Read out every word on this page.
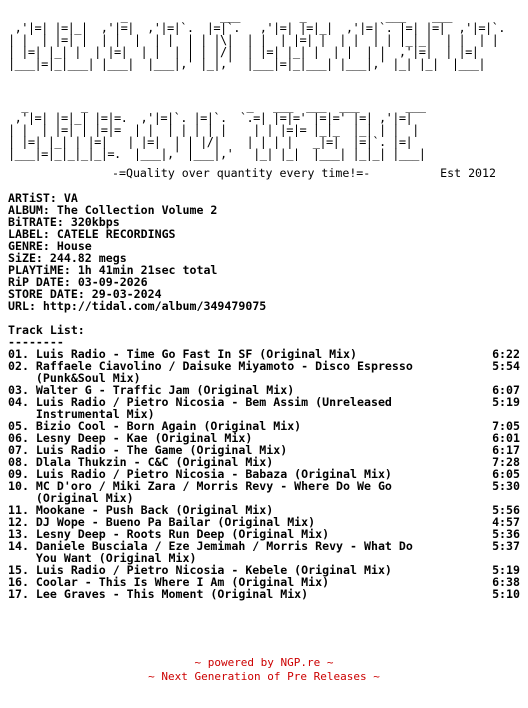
_              ___         _            ___    ___
,'|=| |=|_|  ,'|=|  ,'|=|`.  |=|`.   ,'|=| |=|_|  ,'|=|`. |=| |=|  ,'|=|`.
| |  | |=| |  | |  |  | |  | | |\|  | |  | |=| |  | |  | | |_|_|  | |  | |
| |=| |_| |  | |=|  | |  | | | |/|  | |=| |_| |  | |  | |  ,'|=|  | |=|
|___|=|_|___| |___|  |___|,' |_|,'  |___|=|_|___| |___|,' |_| |_|  |___|
_        _                        _   ___  ___  ___       ___
,'|=| |=|_| |=|=.  ,'|=|`. |=|`.  `.=| |=|=' |=|=' |=| ,'|=|
| |  | |=| | |=|=  | |  | | | | |    | | |=|= |_|_  |_| | |  |
| |=| |_| | |=|   | |=|  | | |/|    | | | |   _|=|  |=|`. |=|
|___|=|_|_|_|_|=.  |___|,' |___|,'   |_| |_|  |___| |_|_| |___|

-=Quality over quantity every time!=-

	Est 2012

ARTiST: VA
ALBUM: The Collection Volume 2
BiTRATE: 320kbps
LABEL: CATELE RECORDINGS
GENRE: House
SiZE: 244.82 megs
PLAYTiME: 1h 41min 21sec total
RiP DATE: 03-09-2026
STORE DATE: 29-03-2024
URL: http://tidal.com/album/349479075
Track List:
--------
01. Luis Radio - Time Go Fast In SF (Original Mix)	6:22
02. Raffaele Ciavolino / Daisuke Miyamoto - Disco Espresso
(Punk&Soul Mix)
5:54
03. Walter G - Traffic Jam (Original Mix)	6:07
04. Luis Radio / Pietro Nicosia - Bem Assim (Unreleased
Instrumental Mix)
5:19
05. Bizio Cool - Born Again (Original Mix)	7:05
06. Lesny Deep - Kae (Original Mix)	6:01
07. Luis Radio - The Game (Original Mix)	6:17
08. Dlala Thukzin - C&C (Original Mix)	7:28
09. Luis Radio / Pietro Nicosia - Babaza (Original Mix)	6:05
10. MC D'oro / Miki Zara / Morris Revy - Where Do We Go
(Original Mix)
5:30
11. Mookane - Push Back (Original Mix)	5:56
12. DJ Wope - Bueno Pa Bailar (Original Mix)	4:57
13. Lesny Deep - Roots Run Deep (Original Mix)	5:36
14. Daniele Busciala / Eze Jemimah / Morris Revy - What Do
You Want (Original Mix)
5:37
15. Luis Radio / Pietro Nicosia - Kebele (Original Mix)	5:19
16. Coolar - This Is Where I Am (Original Mix)	6:38
17. Lee Graves - This Moment (Original Mix)	5:10
~ powered by NGP.re ~
~ Next Generation of Pre Releases ~
